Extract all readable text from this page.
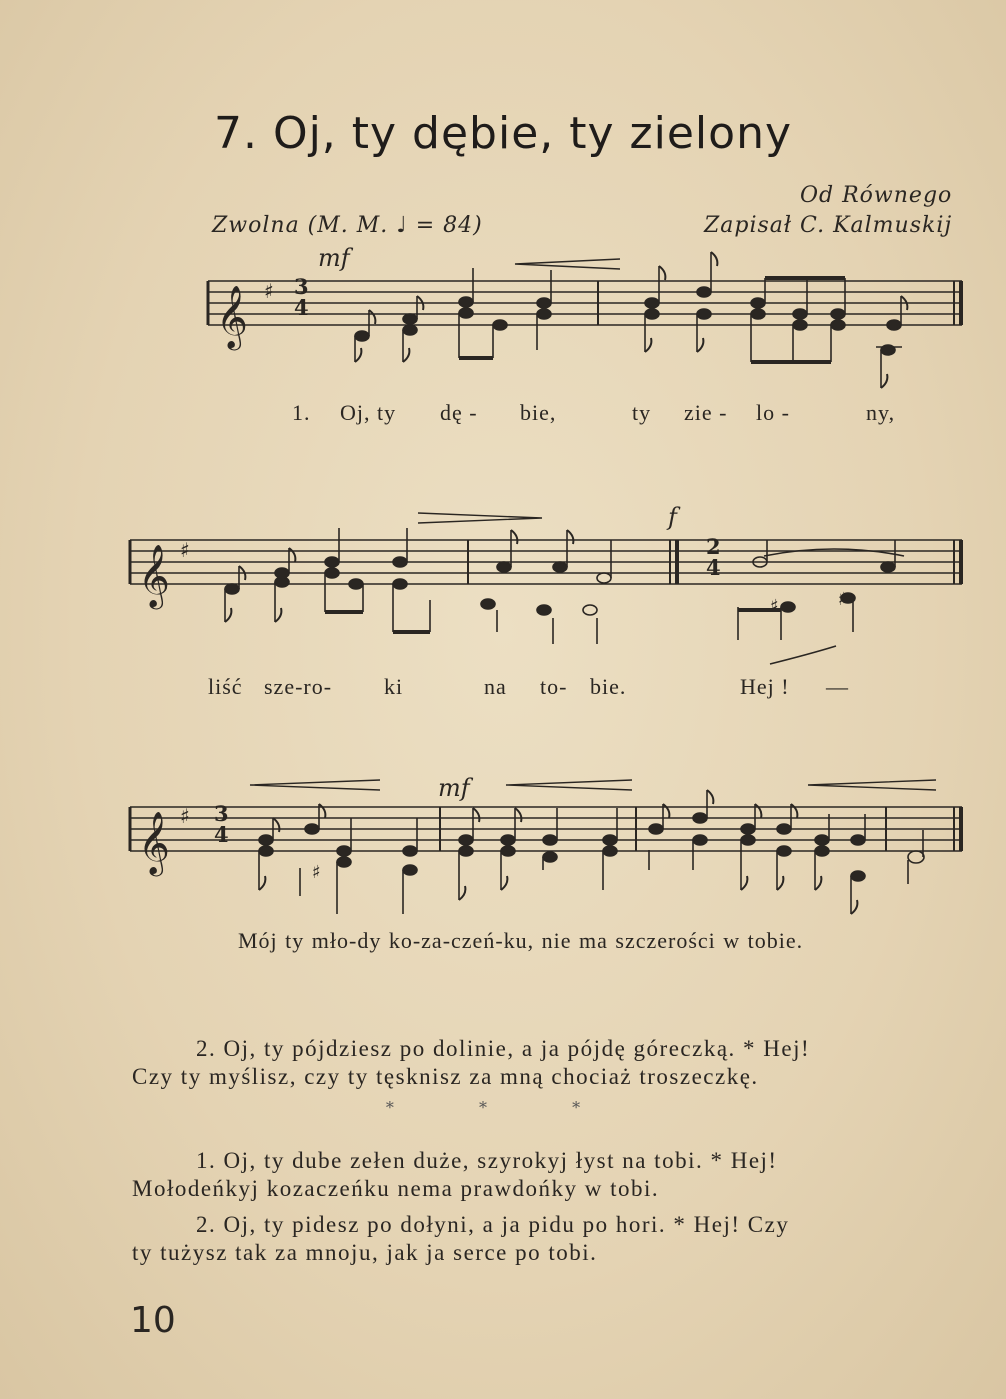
7. Oj, ty dębie, ty zielony
Od Równego
Zwolna (M. M. ♩ = 84)	Zapisał C. Kalmuskij
mf
𝄞 ♯ 3
4
1. Oj, ty dę - bie,	ty zie - lo -	ny,
f
𝄞 ♯
♯	♯
2
4
liść sze-ro- ki	na to- bie.	Hej ! —
mf
𝄞 ♯
♯
3
4
Mój ty mło-dy ko-za-czeń-ku, nie ma szczerości w tobie.
2. Oj, ty pójdziesz po dolinie, a ja pójdę góreczką. * Hej!
Czy ty myślisz, czy ty tęsknisz za mną chociaż troszeczkę.
* * *
1. Oj, ty dube zełen duże, szyrokyj łyst na tobi. * Hej!
Mołodeńkyj kozaczeńku nema prawdońky w tobi.
2. Oj, ty pidesz po dołyni, a ja pidu po hori. * Hej! Czy
ty tużysz tak za mnoju, jak ja serce po tobi.
10
